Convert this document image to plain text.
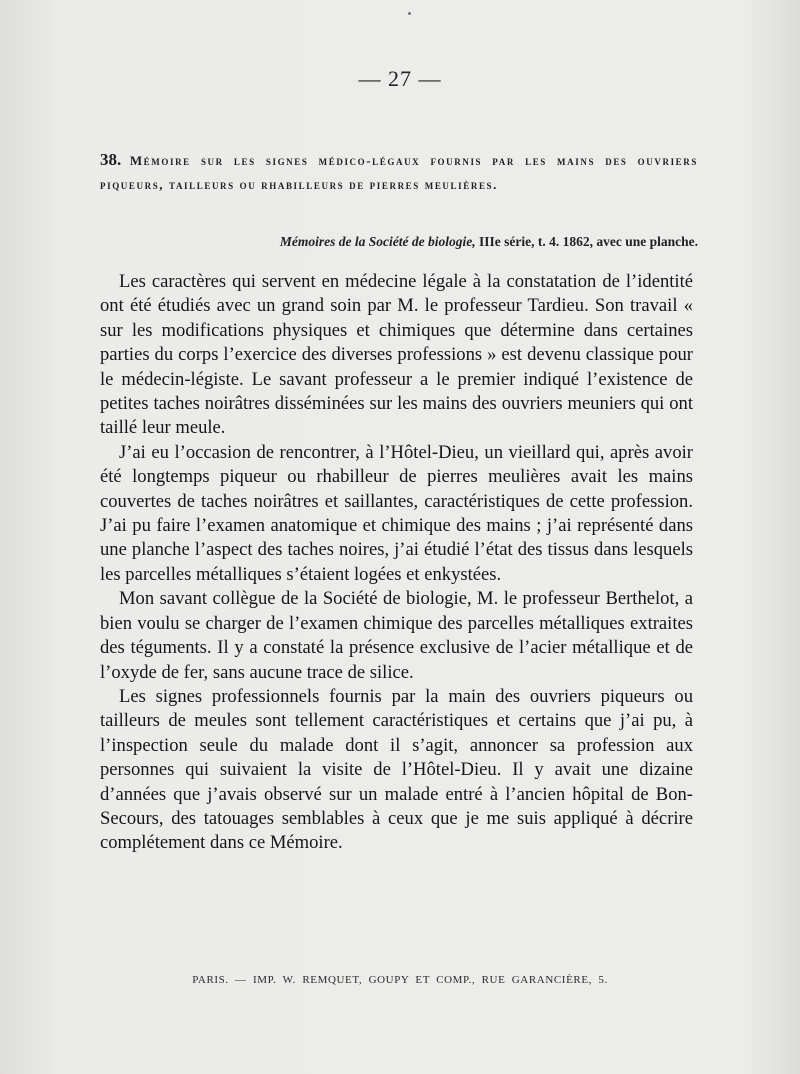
— 27 —
38. Mémoire sur les signes médico-légaux fournis par les mains des ouvriers piqueurs, tailleurs ou rhabilleurs de pierres meulières.
Mémoires de la Société de biologie, IIIe série, t. 4. 1862, avec une planche.

Les caractères qui servent en médecine légale à la constatation de l’identité ont été étudiés avec un grand soin par M. le professeur Tardieu. Son travail « sur les modifications physiques et chimiques que détermine dans certaines parties du corps l’exercice des diverses professions » est devenu classique pour le médecin-légiste. Le savant professeur a le premier indiqué l’existence de petites taches noirâtres disséminées sur les mains des ouvriers meuniers qui ont taillé leur meule.

J’ai eu l’occasion de rencontrer, à l’Hôtel-Dieu, un vieillard qui, après avoir été longtemps piqueur ou rhabilleur de pierres meulières avait les mains couvertes de taches noirâtres et saillantes, caractéristiques de cette profession. J’ai pu faire l’examen anatomique et chimique des mains ; j’ai représenté dans une planche l’aspect des taches noires, j’ai étudié l’état des tissus dans lesquels les parcelles métalliques s’étaient logées et enkystées.

Mon savant collègue de la Société de biologie, M. le professeur Berthelot, a bien voulu se charger de l’examen chimique des parcelles métalliques extraites des téguments. Il y a constaté la présence exclusive de l’acier métallique et de l’oxyde de fer, sans aucune trace de silice.

Les signes professionnels fournis par la main des ouvriers piqueurs ou tailleurs de meules sont tellement caractéristiques et certains que j’ai pu, à l’inspection seule du malade dont il s’agit, annoncer sa profession aux personnes qui suivaient la visite de l’Hôtel-Dieu. Il y avait une dizaine d’années que j’avais observé sur un malade entré à l’ancien hôpital de Bon-Secours, des tatouages semblables à ceux que je me suis appliqué à décrire complétement dans ce Mémoire.

PARIS. — IMP. W. REMQUET, GOUPY ET COMP., RUE GARANCIÈRE, 5.
